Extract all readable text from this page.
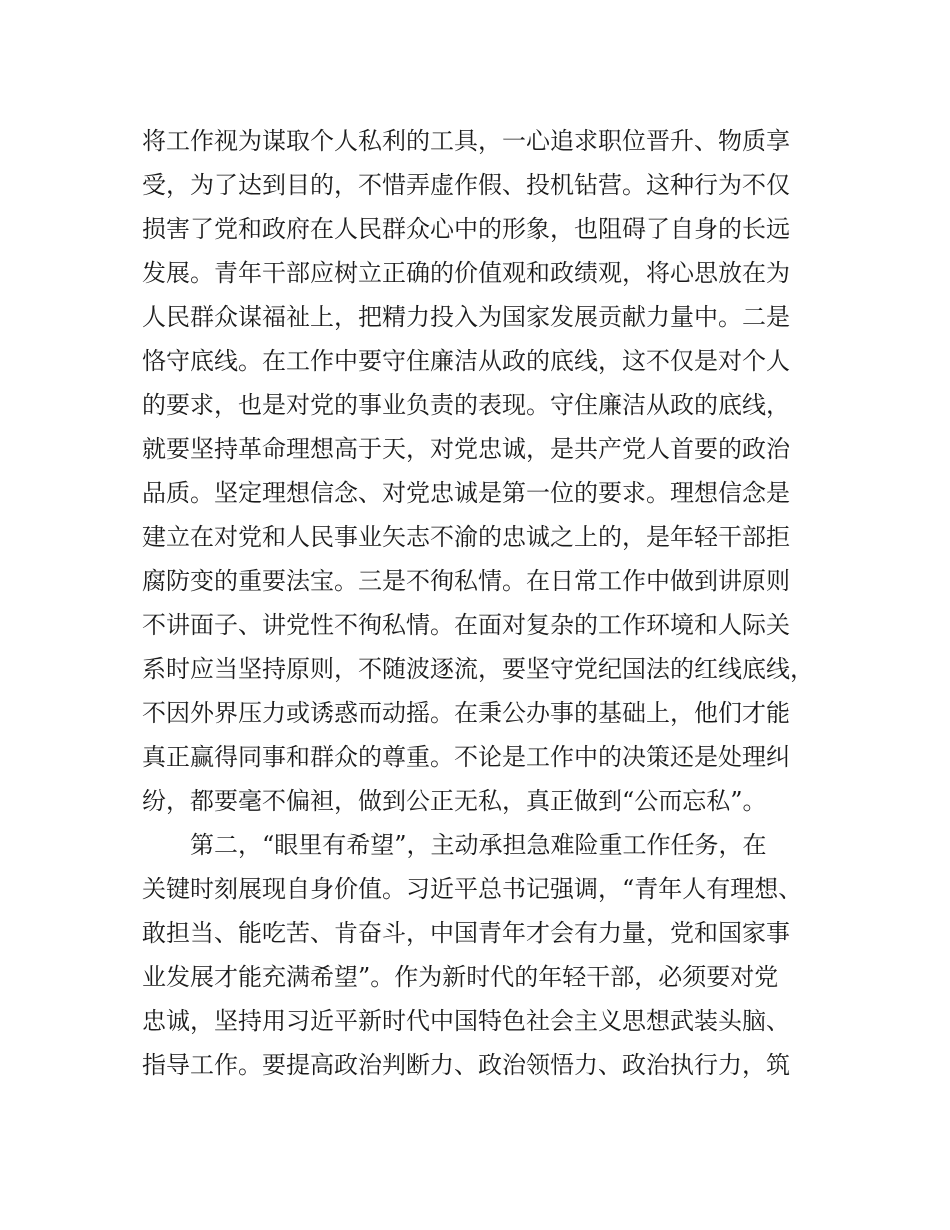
将工作视为谋取个人私利的工具，一心追求职位晋升、物质享
受，为了达到目的，不惜弄虚作假、投机钻营。这种行为不仅
损害了党和政府在人民群众心中的形象，也阻碍了自身的长远
发展。青年干部应树立正确的价值观和政绩观，将心思放在为
人民群众谋福祉上，把精力投入为国家发展贡献力量中。二是
恪守底线。在工作中要守住廉洁从政的底线，这不仅是对个人
的要求，也是对党的事业负责的表现。守住廉洁从政的底线，
就要坚持革命理想高于天，对党忠诚，是共产党人首要的政治
品质。坚定理想信念、对党忠诚是第一位的要求。理想信念是
建立在对党和人民事业矢志不渝的忠诚之上的，是年轻干部拒
腐防变的重要法宝。三是不徇私情。在日常工作中做到讲原则
不讲面子、讲党性不徇私情。在面对复杂的工作环境和人际关
系时应当坚持原则，不随波逐流，要坚守党纪国法的红线底线，
不因外界压力或诱惑而动摇。在秉公办事的基础上，他们才能
真正赢得同事和群众的尊重。不论是工作中的决策还是处理纠
纷，都要毫不偏袒，做到公正无私，真正做到“公而忘私”。
第二，“眼里有希望”，主动承担急难险重工作任务，在
关键时刻展现自身价值。习近平总书记强调，“青年人有理想、
敢担当、能吃苦、肯奋斗，中国青年才会有力量，党和国家事
业发展才能充满希望”。作为新时代的年轻干部，必须要对党
忠诚，坚持用习近平新时代中国特色社会主义思想武装头脑、
指导工作。要提高政治判断力、政治领悟力、政治执行力，筑
